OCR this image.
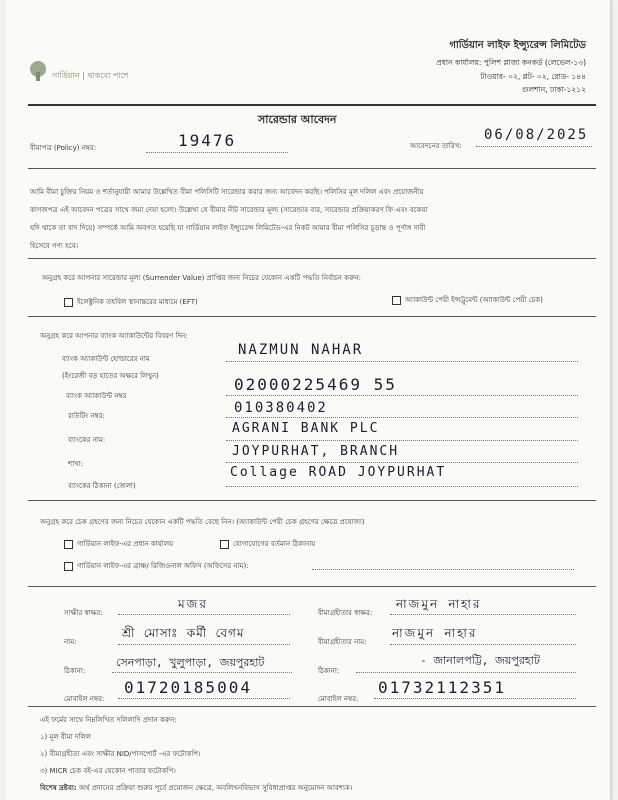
গার্ডিয়ান | থাকবো পাশে
গার্ডিয়ান লাইফ ইন্স্যুরেন্স লিমিটেড
প্রধান কার্যালয়: পুলিশ প্লাজা কনকর্ড (লেভেল-১৩)
টাওয়ার- ০২, প্লট- ০২, রোড- ১৪৪
গুলশান, ঢাকা-১২১২
সারেন্ডার আবেদন
বীমাপত্র (Policy) নম্বর:	19476	আবেদনের তারিখ:
06/08/2025
আমি বীমা চুক্তির নিয়ম ও শর্তানুযায়ী আমার উল্লেখিত বীমা পলিসিটি সারেন্ডার করার জন্য আবেদন করছি। পলিসির মূল দলিল এবং প্রয়োজনীয়
কাগজপত্র এই আবেদন পত্রের সাথে জমা দেয়া হলো। উল্লেখ্য যে বীমার নীট সারেন্ডার মূল্য (সারেন্ডার বার, সারেন্ডার প্রক্রিয়াকরণ ফি এবং বকেয়া
যদি থাকে তা বাদ দিয়ে) সম্পর্কে আমি অবগত হয়েছি যা গার্ডিয়ান লাইফ ইন্স্যুরেন্স লিমিটেড-এর নিকট আমার বীমা পলিসির চূড়ান্ত ও পূর্ণাঙ্গ দাবী
হিসেবে গণ্য হবে।
অনুগ্রহ করে আপনার সারেন্ডার মূল্য (Surrender Value) প্রাপ্তির জন্য নিচের যেকোন একটি পদ্ধতি নির্বাচন করুন:
ইলেক্ট্রনিক তহবিল স্থানান্তরের মাধ্যমে (EFT)	অ্যাকাউন্ট পেয়ী ইন্সট্রুমেন্ট (অ্যাকাউন্ট পেয়ী চেক)
অনুগ্রহ করে আপনার ব্যাংক অ্যাকাউন্টের বিবরণ দিন:
ব্যাংক অ্যাকাউন্ট হোল্ডারের নাম
(ইংরেজী বড় হাতের অক্ষরে লিখুন)
NAZMUN NAHAR
ব্যাংক অ্যাকাউন্ট নম্বর
02000225469 55
রাউটিং নম্বর:	010380402
ব্যাংকের নাম:
AGRANI BANK PLC
শাখা:
JOYPURHAT, BRANCH
ব্যাংকের ঠিকানা (জেলা)
Collage ROAD JOYPURHAT
অনুগ্রহ করে চেক গ্রহণের জন্য নিচের যেকোন একটি পদ্ধতি বেছে নিন। (অ্যাকাউন্ট পেয়ী চেক গ্রহণের ক্ষেত্রে প্রযোজ্য)
গার্ডিয়ান লাইফ-এর প্রধান কার্যালয়	যোগাযোগের বর্তমান ঠিকানায়
গার্ডিয়ান লাইফ-এর ব্রাঞ্চ/ রিজিওনাল অফিস (অফিসের নাম):
সাক্ষীর স্বাক্ষর:
মজর
বীমাগ্রহীতার স্বাক্ষর:
নাজমুন নাহার
নাম:
শ্রী মোসাঃ কর্মী বেগম
বীমাগ্রহীতার নাম:
নাজমুন নাহার
ঠিকানা:
সেনপাড়া, খুলুপাড়া, জয়পুরহাট
ঠিকানা:
- জানালপট্টি, জয়পুরহাট
মোবাইল নম্বর:
01720185004
মোবাইল নম্বর:
01732112351
এই ফর্মের সাথে নিম্নলিখিত দলিলাদি প্রদান করুন:
১) মূল বীমা দলিল
২) বীমাগ্রহীতা এবং সাক্ষীর NID/পাসপোর্ট -এর ফটোকপি।
৩) MICR চেক বই-এর যেকোন পাতার ফটোকপি।
বিশেষ দ্রষ্টব্য: অর্থ প্রদানের প্রক্রিয়া শুরুর পূর্বে প্রয়োজন ক্ষেত্রে, অবলিখনবিভাগ সুবিধাপ্রাপ্তর অনুমোদন আবশ্যক।
